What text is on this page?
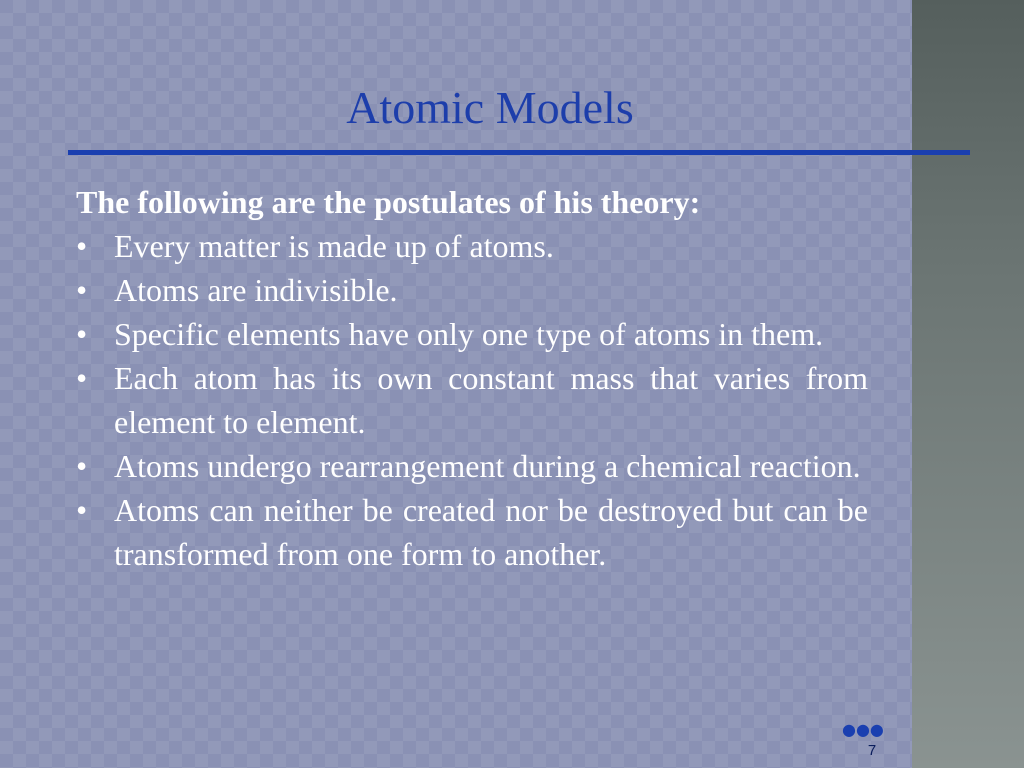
Atomic Models

The following are the postulates of his theory:

• Every matter is made up of atoms.
• Atoms are indivisible.
• Specific elements have only one type of atoms in them.
• Each atom has its own constant mass that varies from element to element.
• Atoms undergo rearrangement during a chemical reaction.
• Atoms can neither be created nor be destroyed but can be transformed from one form to another.
●●●
7
